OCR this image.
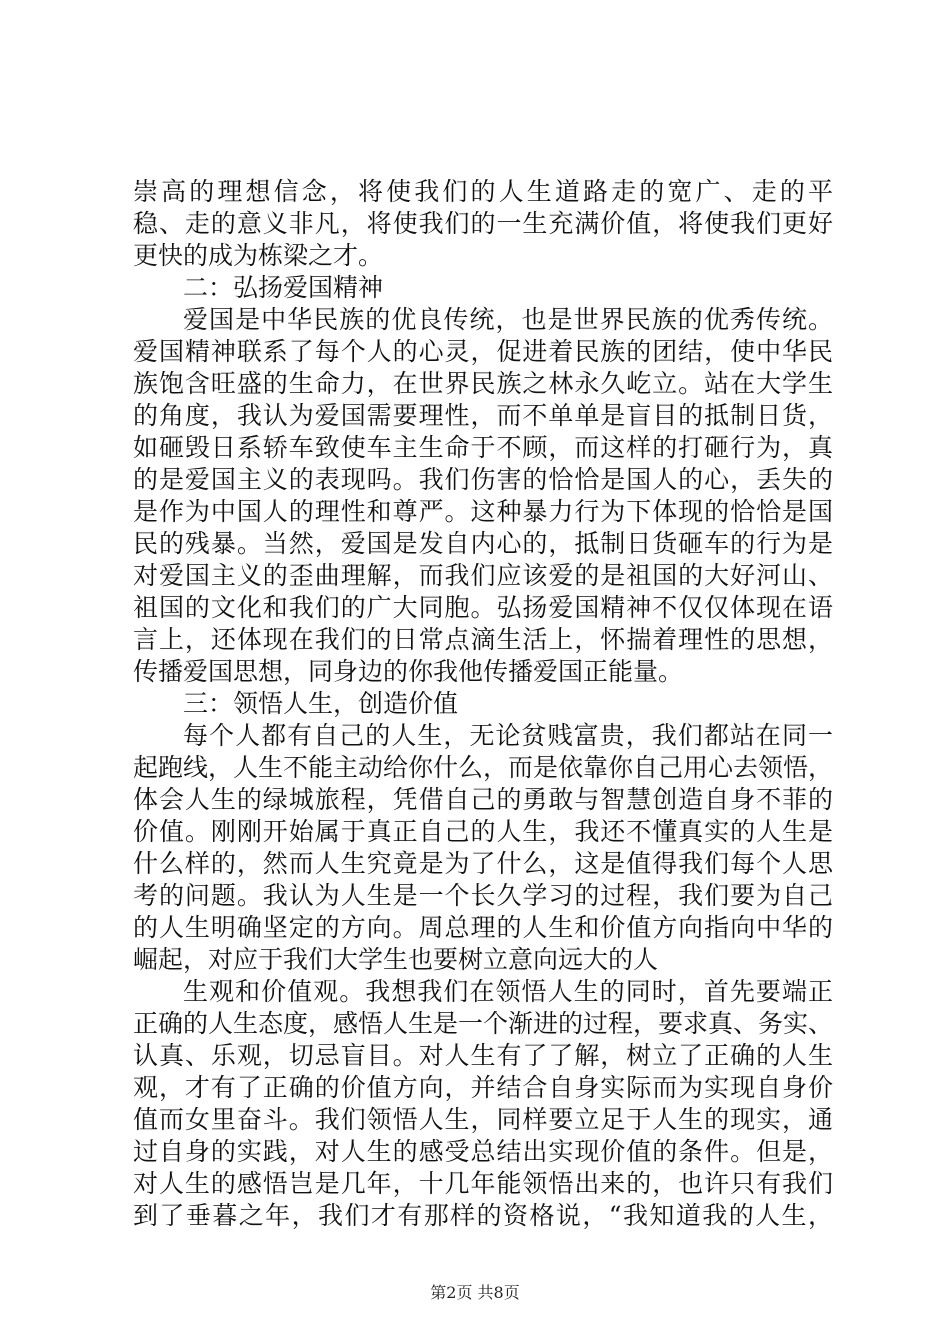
崇高的理想信念，将使我们的人生道路走的宽广、走的平
稳、走的意义非凡，将使我们的一生充满价值，将使我们更好
更快的成为栋梁之才。
二：弘扬爱国精神
爱国是中华民族的优良传统，也是世界民族的优秀传统。
爱国精神联系了每个人的心灵，促进着民族的团结，使中华民
族饱含旺盛的生命力，在世界民族之林永久屹立。站在大学生
的角度，我认为爱国需要理性，而不单单是盲目的抵制日货，
如砸毁日系轿车致使车主生命于不顾，而这样的打砸行为，真
的是爱国主义的表现吗。我们伤害的恰恰是国人的心，丢失的
是作为中国人的理性和尊严。这种暴力行为下体现的恰恰是国
民的残暴。当然，爱国是发自内心的，抵制日货砸车的行为是
对爱国主义的歪曲理解，而我们应该爱的是祖国的大好河山、
祖国的文化和我们的广大同胞。弘扬爱国精神不仅仅体现在语
言上，还体现在我们的日常点滴生活上，怀揣着理性的思想，
传播爱国思想，同身边的你我他传播爱国正能量。
三：领悟人生，创造价值
每个人都有自己的人生，无论贫贱富贵，我们都站在同一
起跑线，人生不能主动给你什么，而是依靠你自己用心去领悟，
体会人生的绿城旅程，凭借自己的勇敢与智慧创造自身不菲的
价值。刚刚开始属于真正自己的人生，我还不懂真实的人生是
什么样的，然而人生究竟是为了什么，这是值得我们每个人思
考的问题。我认为人生是一个长久学习的过程，我们要为自己
的人生明确坚定的方向。周总理的人生和价值方向指向中华的
崛起，对应于我们大学生也要树立意向远大的人
生观和价值观。我想我们在领悟人生的同时，首先要端正
正确的人生态度，感悟人生是一个渐进的过程，要求真、务实、
认真、乐观，切忌盲目。对人生有了了解，树立了正确的人生
观，才有了正确的价值方向，并结合自身实际而为实现自身价
值而女里奋斗。我们领悟人生，同样要立足于人生的现实，通
过自身的实践，对人生的感受总结出实现价值的条件。但是，
对人生的感悟岂是几年，十几年能领悟出来的，也许只有我们
到了垂暮之年，我们才有那样的资格说，“我知道我的人生，
第2页 共8页
